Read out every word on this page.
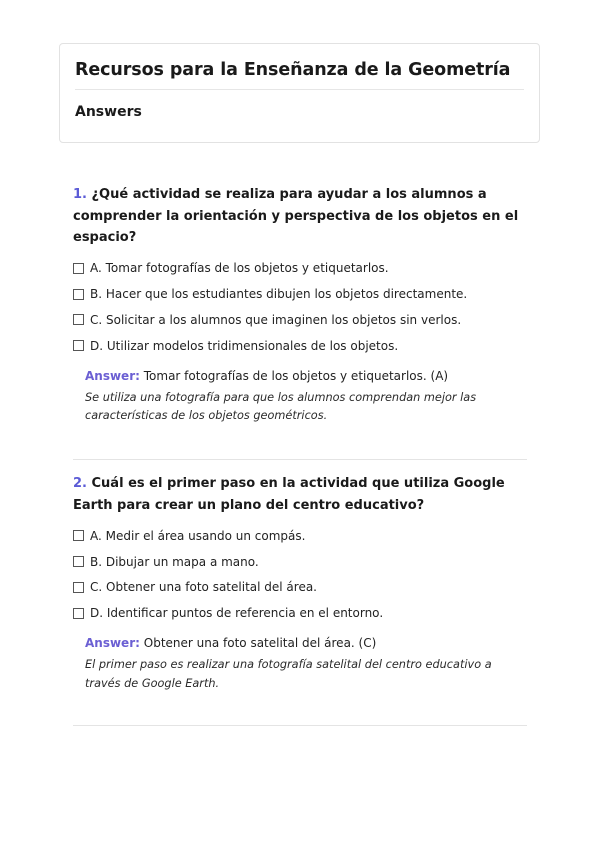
Recursos para la Enseñanza de la Geometría
Answers

1. ¿Qué actividad se realiza para ayudar a los alumnos a comprender la orientación y perspectiva de los objetos en el espacio?

A. Tomar fotografías de los objetos y etiquetarlos.
B. Hacer que los estudiantes dibujen los objetos directamente.
C. Solicitar a los alumnos que imaginen los objetos sin verlos.
D. Utilizar modelos tridimensionales de los objetos.
Answer: Tomar fotografías de los objetos y etiquetarlos. (A)
Se utiliza una fotografía para que los alumnos comprendan mejor las características de los objetos geométricos.

2. Cuál es el primer paso en la actividad que utiliza Google Earth para crear un plano del centro educativo?

A. Medir el área usando un compás.
B. Dibujar un mapa a mano.
C. Obtener una foto satelital del área.
D. Identificar puntos de referencia en el entorno.
Answer: Obtener una foto satelital del área. (C)
El primer paso es realizar una fotografía satelital del centro educativo a través de Google Earth.
